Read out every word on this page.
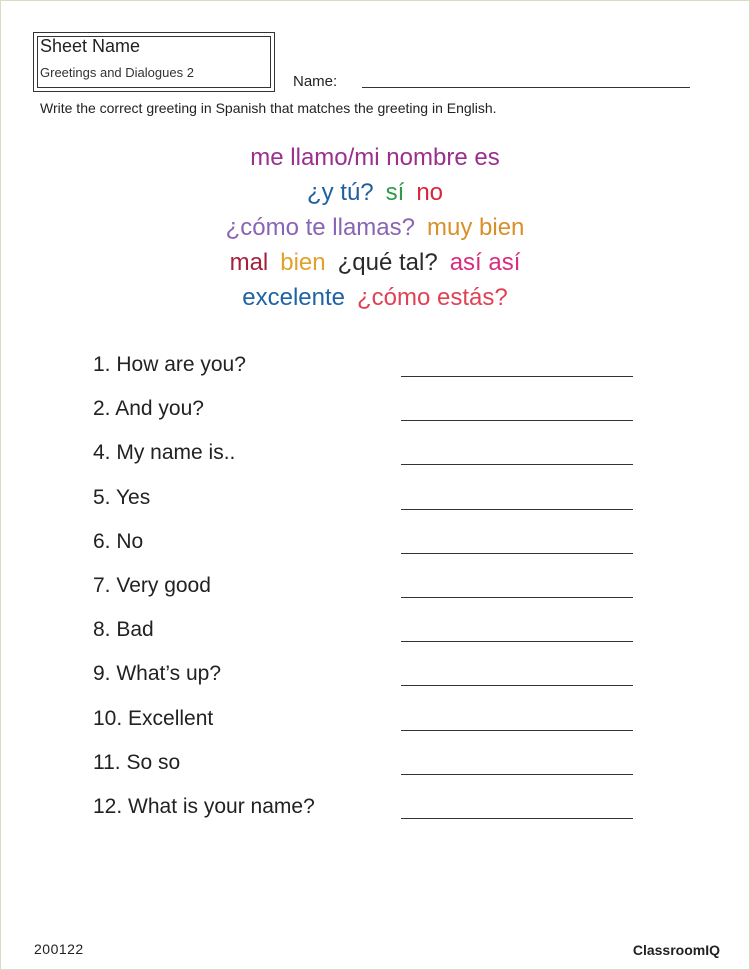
Sheet Name
Greetings and Dialogues 2
Name:
Write the correct greeting in Spanish that matches the greeting in English.
me llamo/mi nombre es
¿y tú? sí no
¿cómo te llamas? muy bien
mal bien ¿qué tal? así así
excelente ¿cómo estás?
1. How are you?
2. And you?
4. My name is..
5. Yes
6. No
7. Very good
8. Bad
9. What’s up?
10. Excellent
11. So so
12. What is your name?
200122	ClassroomIQ
